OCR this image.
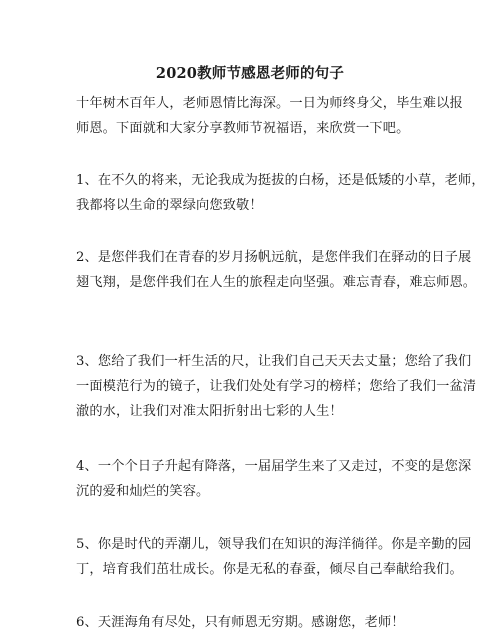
2020教师节感恩老师的句子
十年树木百年人，老师恩情比海深。一日为师终身父，毕生难以报
师恩。下面就和大家分享教师节祝福语，来欣赏一下吧。
1、在不久的将来，无论我成为挺拔的白杨，还是低矮的小草，老师，
我都将以生命的翠绿向您致敬！
2、是您伴我们在青春的岁月扬帆远航，是您伴我们在驿动的日子展
翅飞翔，是您伴我们在人生的旅程走向坚强。难忘青春，难忘师恩。
3、您给了我们一杆生活的尺，让我们自己天天去丈量；您给了我们
一面模范行为的镜子，让我们处处有学习的榜样；您给了我们一盆清
澈的水，让我们对准太阳折射出七彩的人生！
4、一个个日子升起有降落，一届届学生来了又走过，不变的是您深
沉的爱和灿烂的笑容。
5、你是时代的弄潮儿，领导我们在知识的海洋徜徉。你是辛勤的园
丁，培育我们茁壮成长。你是无私的春蚕，倾尽自己奉献给我们。
6、天涯海角有尽处，只有师恩无穷期。感谢您，老师！
